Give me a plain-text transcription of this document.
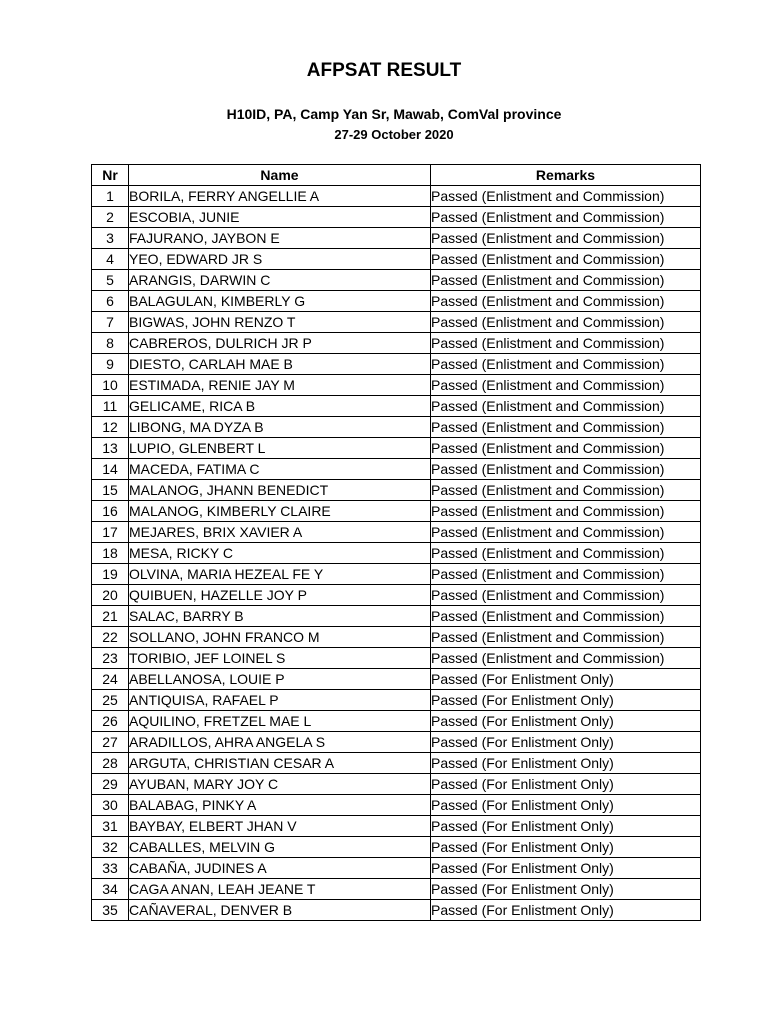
AFPSAT RESULT
H10ID, PA, Camp Yan Sr, Mawab, ComVal province
27-29 October 2020
Nr	Name	Remarks
1	BORILA, FERRY ANGELLIE A	Passed (Enlistment and Commission)
2	ESCOBIA, JUNIE	Passed (Enlistment and Commission)
3	FAJURANO, JAYBON E	Passed (Enlistment and Commission)
4	YEO, EDWARD JR S	Passed (Enlistment and Commission)
5	ARANGIS, DARWIN C	Passed (Enlistment and Commission)
6	BALAGULAN, KIMBERLY G	Passed (Enlistment and Commission)
7	BIGWAS, JOHN RENZO T	Passed (Enlistment and Commission)
8	CABREROS, DULRICH JR P	Passed (Enlistment and Commission)
9	DIESTO, CARLAH MAE B	Passed (Enlistment and Commission)
10	ESTIMADA, RENIE JAY M	Passed (Enlistment and Commission)
11	GELICAME, RICA B	Passed (Enlistment and Commission)
12	LIBONG, MA DYZA B	Passed (Enlistment and Commission)
13	LUPIO, GLENBERT L	Passed (Enlistment and Commission)
14	MACEDA, FATIMA C	Passed (Enlistment and Commission)
15	MALANOG, JHANN BENEDICT	Passed (Enlistment and Commission)
16	MALANOG, KIMBERLY CLAIRE	Passed (Enlistment and Commission)
17	MEJARES, BRIX XAVIER A	Passed (Enlistment and Commission)
18	MESA, RICKY C	Passed (Enlistment and Commission)
19	OLVINA, MARIA HEZEAL FE Y	Passed (Enlistment and Commission)
20	QUIBUEN, HAZELLE JOY P	Passed (Enlistment and Commission)
21	SALAC, BARRY B	Passed (Enlistment and Commission)
22	SOLLANO, JOHN FRANCO M	Passed (Enlistment and Commission)
23	TORIBIO, JEF LOINEL S	Passed (Enlistment and Commission)
24	ABELLANOSA, LOUIE P	Passed (For Enlistment Only)
25	ANTIQUISA, RAFAEL P	Passed (For Enlistment Only)
26	AQUILINO, FRETZEL MAE L	Passed (For Enlistment Only)
27	ARADILLOS, AHRA ANGELA S	Passed (For Enlistment Only)
28	ARGUTA, CHRISTIAN CESAR A	Passed (For Enlistment Only)
29	AYUBAN, MARY JOY C	Passed (For Enlistment Only)
30	BALABAG, PINKY A	Passed (For Enlistment Only)
31	BAYBAY, ELBERT JHAN V	Passed (For Enlistment Only)
32	CABALLES, MELVIN G	Passed (For Enlistment Only)
33	CABAÑA, JUDINES A	Passed (For Enlistment Only)
34	CAGA ANAN, LEAH JEANE T	Passed (For Enlistment Only)
35	CAÑAVERAL, DENVER B	Passed (For Enlistment Only)
